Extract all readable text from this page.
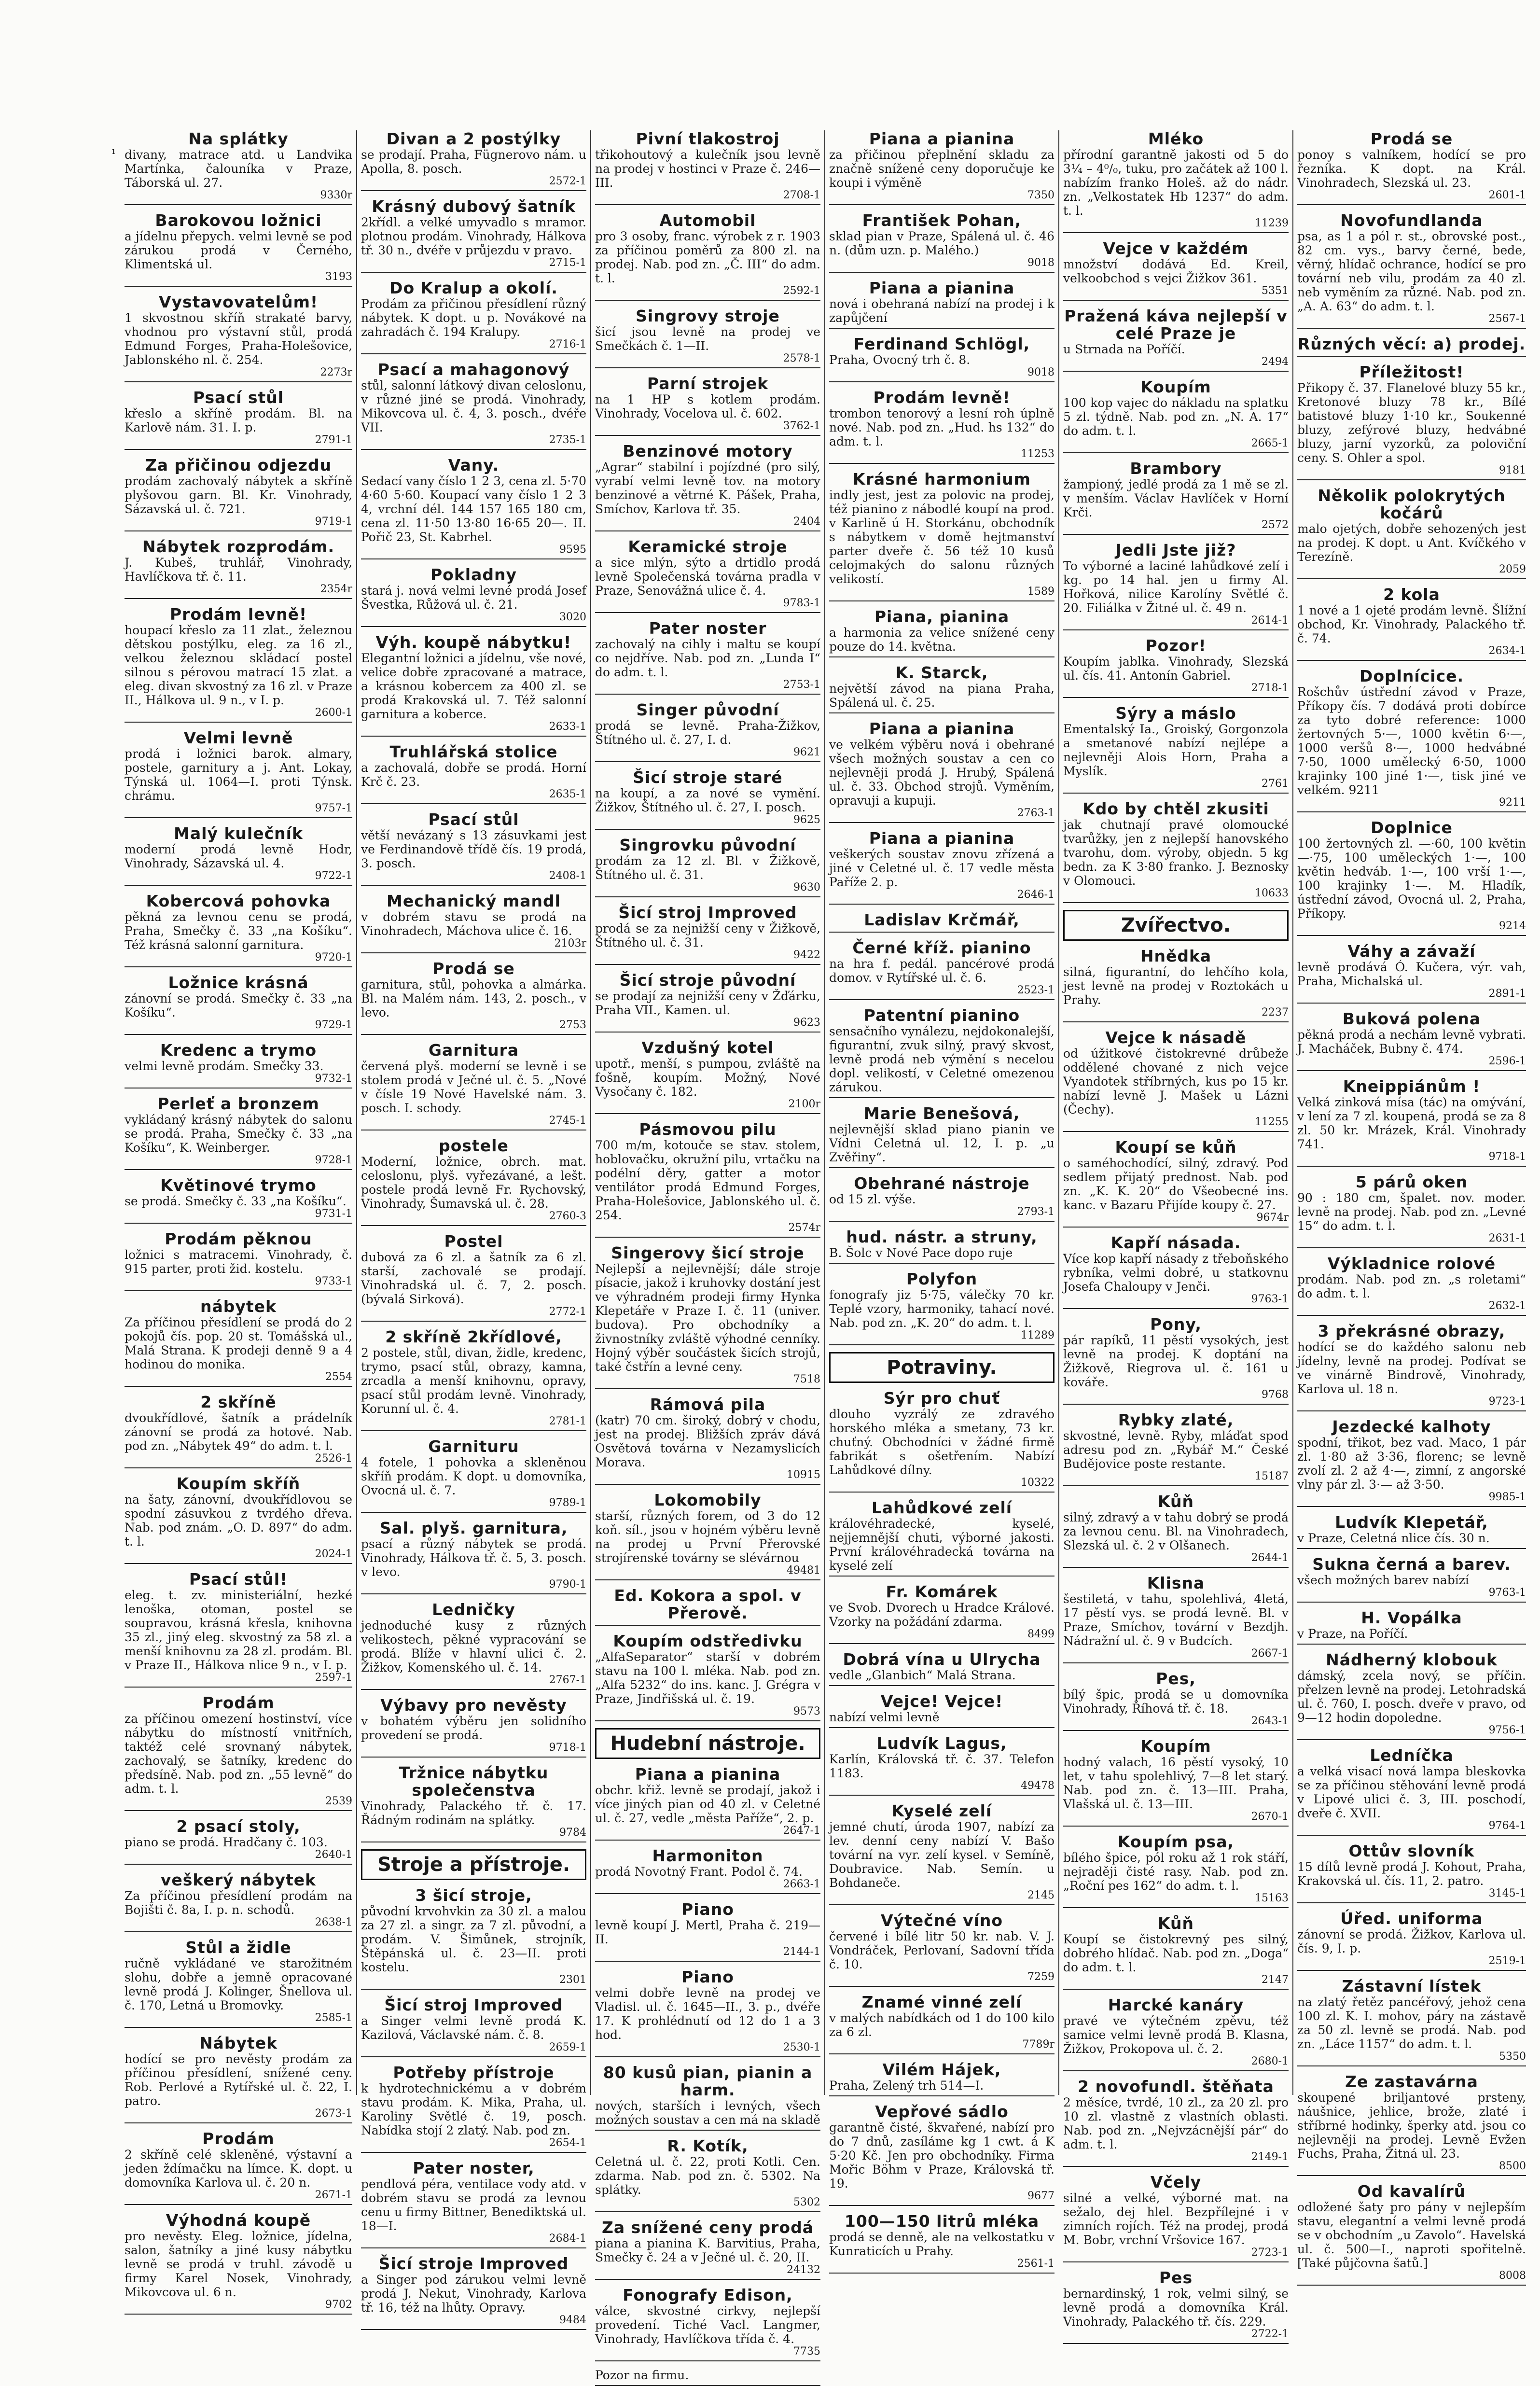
ı
Na splátky

divany, matrace atd. u Landvika Martínka, čalouníka v Praze, Táborská ul. 27.

9330r
Barokovou ložnici

a jídelnu přepych. velmi levně se pod zárukou prodá v Černého, Klimentská ul.

3193
Vystavovatelům!

1 skvostnou skříň strakaté barvy, vhodnou pro výstavní stůl, prodá Edmund Forges, Praha-Holešovice, Jablonského nl. č. 254.

2273r
Psací stůl

křeslo a skříně prodám. Bl. na Karlově nám. 31. I. p.

2791-1
Za přičinou odjezdu

prodám zachovalý nábytek a skříně plyšovou garn. Bl. Kr. Vinohrady, Sázavská ul. č. 721.

9719-1
Nábytek rozprodám.

J. Kubeš, truhlář, Vinohrady, Havlíčkova tř. č. 11.

2354r
Prodám levně!

houpací křeslo za 11 zlat., železnou dětskou postýlku, eleg. za 16 zl., velkou železnou skládací postel silnou s pérovou matrací 15 zlat. a eleg. divan skvostný za 16 zl. v Praze II., Hálkova ul. 9 n., v I. p.

2600-1
Velmi levně

prodá i ložnici barok. almary, postele, garnitury a j. Ant. Lokay, Týnská ul. 1064—I. proti Týnsk. chrámu.

9757-1
Malý kulečník

moderní prodá levně Hodr, Vinohrady, Sázavská ul. 4.

9722-1
Kobercová pohovka

pěkná za levnou cenu se prodá, Praha, Smečky č. 33 „na Košíku“. Též krásná salonní garnitura.

9720-1
Ložnice krásná

zánovní se prodá. Smečky č. 33 „na Košíku“.

9729-1
Kredenc a trymo

velmi levně prodám. Smečky 33.

9732-1
Perleť a bronzem

vykládaný krásný nábytek do salonu se prodá. Praha, Smečky č. 33 „na Košíku“, K. Weinberger.

9728-1
Květinové trymo

se prodá. Smečky č. 33 „na Košíku“.

9731-1
Prodám pěknou

ložnici s matracemi. Vinohrady, č. 915 parter, proti žid. kostelu.

9733-1
nábytek

Za příčinou přesídlení se prodá do 2 pokojů čís. pop. 20 st. Tomášská ul., Malá Strana. K prodeji denně 9 a 4 hodinou do monika.

2554
2 skříně

dvoukřídlové, šatník a prádelník zánovní se prodá za hotové. Nab. pod zn. „Nábytek 49“ do adm. t. l.

2526-1
Koupím skříň

na šaty, zánovní, dvoukřídlovou se spodní zásuvkou z tvrdého dřeva. Nab. pod znám. „O. D. 897“ do adm. t. l.

2024-1
Psací stůl!

eleg. t. zv. ministeriální, hezké lenoška, otoman, postel se soupravou, krásná křesla, knihovna 35 zl., jiný eleg. skvostný za 58 zl. a menší knihovnu za 28 zl. prodám. Bl. v Praze II., Hálkova nlice 9 n., v I. p.

2597-1
Prodám

za příčinou omezení hostinství, více nábytku do místností vnitřních, taktéž celé srovnaný nábytek, zachovalý, se šatníky, kredenc do předsíně. Nab. pod zn. „55 levně“ do adm. t. l.

2539
2 psací stoly,

piano se prodá. Hradčany č. 103.

2640-1
veškerý nábytek

Za příčinou přesídlení prodám na Bojišti č. 8a, I. p. n. schodů.

2638-1
Stůl a židle

ručně vykládané ve starožitném slohu, dobře a jemně opracované levně prodá J. Kolinger, Šnellova ul. č. 170, Letná u Bromovky.

2585-1
Nábytek

hodící se pro nevěsty prodám za příčinou přesídlení, snížené ceny. Rob. Perlové a Rytířské ul. č. 22, I. patro.

2673-1
Prodám

2 skříně celé skleněné, výstavní a jeden ždímačku na límce. K. dopt. u domovníka Karlova ul. č. 20 n.

2671-1
Výhodná koupě

pro nevěsty. Eleg. ložnice, jídelna, salon, šatníky a jiné kusy nábytku levně se prodá v truhl. závodě u firmy Karel Nosek, Vinohrady, Mikovcova ul. 6 n.

9702
Divan a 2 postýlky

se prodají. Praha, Fügnerovo nám. u Apolla, 8. posch.

2572-1
Krásný dubový šatník

2křídl. a velké umyvadlo s mramor. plotnou prodám. Vinohrady, Hálkova tř. 30 n., dvéře v průjezdu v pravo.

2715-1
Do Kralup a okolí.

Prodám za přičinou přesídlení různý nábytek. K dopt. u p. Novákové na zahradách č. 194 Kralupy.

2716-1
Psací a mahagonový

stůl, salonní látkový divan celoslonu, v různé jiné se prodá. Vinohrady, Mikovcova ul. č. 4, 3. posch., dvéře VII.

2735-1
Vany.

Sedací vany číslo 1 2 3, cena zl. 5·70 4·60 5·60. Koupací vany číslo 1 2 3 4, vrchní dél. 144 157 165 180 cm, cena zl. 11·50 13·80 16·65 20—. II. Pořič 23, St. Kabrhel.

9595
Pokladny

stará j. nová velmi levné prodá Josef Švestka, Růžová ul. č. 21.

3020
Výh. koupě nábytku!

Elegantní ložnici a jídelnu, vše nové, velice dobře zpracované a matrace, a krásnou kobercem za 400 zl. se prodá Krakovská ul. 7. Též salonní garnitura a koberce.

2633-1
Truhlářská stolice

a zachovalá, dobře se prodá. Horní Krč č. 23.

2635-1
Psací stůl

větší nevázaný s 13 zásuvkami jest ve Ferdinandově třídě čís. 19 prodá, 3. posch.

2408-1
Mechanický mandl

v dobrém stavu se prodá na Vinohradech, Máchova ulice č. 16.

2103r
Prodá se

garnitura, stůl, pohovka a almárka. Bl. na Malém nám. 143, 2. posch., v levo.

2753
Garnitura

červená plyš. moderní se levně i se stolem prodá v Ječné ul. č. 5. „Nové v čísle 19 Nové Havelské nám. 3. posch. I. schody.

2745-1
postele

Moderní, ložnice, obrch. mat. celoslonu, plyš. vyřezávané, a lešt. postele prodá levně Fr. Rychovský, Vinohrady, Šumavská ul. č. 28.

2760-3
Postel

dubová za 6 zl. a šatník za 6 zl. starší, zachovalé se prodají. Vinohradská ul. č. 7, 2. posch. (bývalá Sirková).

2772-1
2 skříně 2křídlové,

2 postele, stůl, divan, židle, kredenc, trymo, psací stůl, obrazy, kamna, zrcadla a menší knihovnu, opravy, psací stůl prodám levně. Vinohrady, Korunní ul. č. 4.

2781-1
Garnituru

4 fotele, 1 pohovka a skleněnou skříň prodám. K dopt. u domovníka, Ovocná ul. č. 7.

9789-1
Sal. plyš. garnitura,

psací a různý nábytek se prodá. Vinohrady, Hálkova tř. č. 5, 3. posch. v levo.

9790-1
Ledničky

jednoduché kusy z různých velikostech, pěkné vypracování se prodá. Blíže v hlavní ulici č. 2. Žižkov, Komenského ul. č. 14.

2767-1
Výbavy pro nevěsty

v bohatém výběru jen solidního provedení se prodá.

9718-1
Tržnice nábytku společenstva

Vinohrady, Palackého tř. č. 17. Řádným rodinám na splátky.

9784
Stroje a přístroje.
3 šicí stroje,

původní krvohvkin za 30 zl. a malou za 27 zl. a singr. za 7 zl. původní, a prodám. V. Šimůnek, strojník, Štěpánská ul. č. 23—II. proti kostelu.

2301
Šicí stroj Improved

a Singer velmi levně prodá K. Kazilová, Václavské nám. č. 8.

2659-1
Potřeby přístroje

k hydrotechnickému a v dobrém stavu prodám. K. Mika, Praha, ul. Karoliny Světlé č. 19, posch. Nabídka stojí 2 zlatý. Nab. pod zn.

2654-1
Pater noster,

pendlová péra, ventilace vody atd. v dobrém stavu se prodá za levnou cenu u firmy Bittner, Benediktská ul. 18—I.

2684-1
Šicí stroje Improved

a Singer pod zárukou velmi levně prodá J. Nekut, Vinohrady, Karlova tř. 16, též na lhůty. Opravy.

9484
Pivní tlakostroj

třikohoutový a kulečník jsou levně na prodej v hostinci v Praze č. 246—III.

2708-1
Automobil

pro 3 osoby, franc. výrobek z r. 1903 za příčinou poměrů za 800 zl. na prodej. Nab. pod zn. „Č. III“ do adm. t. l.

2592-1
Singrovy stroje

šicí jsou levně na prodej ve Smečkách č. 1—II.

2578-1
Parní strojek

na 1 HP s kotlem prodám. Vinohrady, Vocelova ul. č. 602.

3762-1
Benzinové motory

„Agrar“ stabilní i pojízdné (pro silý, vyrabí velmi levně tov. na motory benzinové a větrné K. Pášek, Praha, Smíchov, Karlova tř. 35.

2404
Keramické stroje

a sice mlýn, sýto a drtidlo prodá levně Společenská továrna pradla v Praze, Senovážná ulice č. 4.

9783-1
Pater noster

zachovalý na cihly i maltu se koupí co nejdříve. Nab. pod zn. „Lunda I“ do adm. t. l.

2753-1
Singer původní

prodá se levně. Praha-Žižkov, Štítného ul. č. 27, I. d.

9621
Šicí stroje staré

na koupí, a za nové se vymění. Žižkov, Štítného ul. č. 27, I. posch.

9625
Singrovku původní

prodám za 12 zl. Bl. v Žižkově, Štítného ul. č. 31.

9630
Šicí stroj Improved

prodá se za nejnižší ceny v Žižkově, Štítného ul. č. 31.

9422
Šicí stroje původní

se prodají za nejnižší ceny v Žďárku, Praha VII., Kamen. ul.

9623
Vzdušný kotel

upotř., menší, s pumpou, zvláště na fošně, koupím. Možný, Nové Vysočany č. 182.

2100r
Pásmovou pilu

700 m/m, kotouče se stav. stolem, hoblovačku, okružní pilu, vrtačku na podélní děry, gatter a motor ventilátor prodá Edmund Forges, Praha-Holešovice, Jablonského ul. č. 254.

2574r
Singerovy šicí stroje

Nejlepší a nejlevnější; dále stroje písacie, jakož i kruhovky dostání jest ve výhradném prodeji firmy Hynka Klepetáře v Praze I. č. 11 (univer. budova). Pro obchodníky a živnostníky zvláště výhodné cenníky. Hojný výběr součástek šicích strojů, také čstřín a levné ceny.

7518
Rámová pila

(katr) 70 cm. široký, dobrý v chodu, jest na prodej. Bližších zpráv dává Osvětová továrna v Nezamyslicích Morava.

10915
Lokomobily

starší, různých forem, od 3 do 12 koň. síl., jsou v hojném výběru levně na prodej u První Přerovské strojírenské továrny se slévárnou

49481
Ed. Kokora a spol. v Přerově.
Koupím odstředivku

„AlfaSeparator“ starší v dobrém stavu na 100 l. mléka. Nab. pod zn. „Alfa 5232“ do ins. kanc. J. Grégra v Praze, Jindřišská ul. č. 19.

9573
Hudební nástroje.
Piana a pianina

obchr. křiž. levně se prodají, jakož i více jiných pian od 40 zl. v Celetné ul. č. 27, vedle „města Paříže“, 2. p.

2647-1
Harmoniton

prodá Novotný Frant. Podol č. 74.

2663-1
Piano

levně koupí J. Mertl, Praha č. 219—II.

2144-1
Piano

velmi dobře levně na prodej ve Vladisl. ul. č. 1645—II., 3. p., dvéře 17. K prohlédnutí od 12 do 1 a 3 hod.

2530-1
80 kusů pian, pianin a harm.

nových, starších i levných, všech možných soustav a cen má na skladě

R. Kotík,

Celetná ul. č. 22, proti Kotli. Cen. zdarma. Nab. pod zn. č. 5302. Na splátky.

5302
Za snížené ceny prodá

piana a pianina K. Barvitius, Praha, Smečky č. 24 a v Ječné ul. č. 20, II.

24132
Fonografy Edison,

válce, skvostné cirkvy, nejlepší provedení. Tiché Vacl. Langmer, Vinohrady, Havlíčkova třída č. 4.

7735

Pozor na firmu.

Piana a pianina

za přičinou přeplnění skladu za značně snížené ceny doporučuje ke koupi i výměně

7350
František Pohan,

sklad pian v Praze, Spálená ul. č. 46 n. (dům uzn. p. Malého.)

9018
Piana a pianina

nová i obehraná nabízí na prodej i k zapůjčení

Ferdinand Schlögl,

Praha, Ovocný trh č. 8.

9018
Prodám levně!

trombon tenorový a lesní roh úplně nové. Nab. pod zn. „Hud. hs 132“ do adm. t. l.

11253
Krásné harmonium

indly jest, jest za polovic na prodej, též pianino z nábodlé koupí na prod. v Karlině ú H. Storkánu, obchodník s nábytkem v domě hejtmanství parter dveře č. 56 též 10 kusů celojmakých do salonu různých velikostí.

1589
Piana, pianina

a harmonia za velice snížené ceny pouze do 14. května.

K. Starck,

největší závod na piana Praha, Spálená ul. č. 25.

Piana a pianina

ve velkém výběru nová i obehrané všech možných soustav a cen co nejlevněji prodá J. Hrubý, Spálená ul. č. 33. Obchod strojů. Vyměním, opravuji a kupuji.

2763-1
Piana a pianina

veškerých soustav znovu zřízená a jiné v Celetné ul. č. 17 vedle města Paříže 2. p.

2646-1
Ladislav Krčmář,
Černé kříž. pianino

na hra f. pedál. pancérové prodá domov. v Rytířské ul. č. 6.

2523-1
Patentní pianino

sensačního vynálezu, nejdokonalejší, figurantní, zvuk silný, pravý skvost, levně prodá neb výmění s necelou dopl. velikostí, v Celetné omezenou zárukou.

Marie Benešová,

nejlevnější sklad piano pianin ve Vídni Celetná ul. 12, I. p. „u Zvěřiny“.

Obehrané nástroje

od 15 zl. výše.

2793-1
hud. nástr. a struny,

B. Šolc v Nové Pace dopo ruje

Polyfon

fonografy jiz 5·75, válečky 70 kr. Teplé vzory, harmoniky, tahací nové. Nab. pod zn. „K. 20“ do adm. t. l.

11289
Potraviny.
Sýr pro chuť

dlouho vyzrálý ze zdravého horského mléka a smetany, 73 kr. chuťný. Obchodníci v žádné firmě fabrikát s ošetřením. Nabízí Lahůdkové dílny.

10322
Lahůdkové zelí

královéhradecké, kyselé, nejjemnější chuti, výborné jakosti. První královéhradecká továrna na kyselé zelí

Fr. Komárek

ve Svob. Dvorech u Hradce Králové. Vzorky na požádání zdarma.

8499
Dobrá vína u Ulrycha

vedle „Glanbich“ Malá Strana.

Vejce! Vejce!

nabízí velmi levně

Ludvík Lagus,

Karlín, Královská tř. č. 37. Telefon 1183.

49478
Kyselé zelí

jemné chutí, úroda 1907, nabízí za lev. denní ceny nabízí V. Bašo tovární na vyr. zelí kysel. v Semíně, Doubravice. Nab. Semín. u Bohdaneče.

2145
Výtečné víno

červené i bílé litr 50 kr. nab. V. J. Vondráček, Perlovaní, Sadovní třída č. 10.

7259
Znamé vinné zelí

v malých nabídkách od 1 do 100 kilo za 6 zl.

7789r
Vilém Hájek,

Praha, Zelený trh 514—I.

Vepřové sádlo

garantně čisté, škvařené, nabízí pro do 7 dnů, zasíláme kg 1 cwt. á K 5·20 Kč. Jen pro obchodníky. Firma Mořic Böhm v Praze, Královská tř. 19.

9677
100—150 litrů mléka

prodá se denně, ale na velkostatku v Kunraticích u Prahy.

2561-1
Mléko

přírodní garantně jakosti od 5 do 3¼ – 4⁰/₀, tuku, pro začátek až 100 l. nabízím franko Holeš. až do nádr. zn. „Velkostatek Hb 1237“ do adm. t. l.

11239
Vejce v každém

množství dodává Ed. Kreil, velkoobchod s vejci Žižkov 361.

5351
Pražená káva nejlepší v celé Praze je

u Strnada na Poříčí.

2494
Koupím

100 kop vajec do nákladu na splatku 5 zl. týdně. Nab. pod zn. „N. A. 17“ do adm. t. l.

2665-1
Brambory

žampioný, jedlé prodá za 1 mě se zl. v menším. Václav Havlíček v Horní Krči.

2572
Jedli Jste již?

To výborné a laciné lahůdkové zelí i kg. po 14 hal. jen u firmy Al. Hořková, nilice Karolíny Světlé č. 20. Filiálka v Žitné ul. č. 49 n.

2614-1
Pozor!

Koupím jablka. Vinohrady, Slezská ul. čís. 41. Antonín Gabriel.

2718-1
Sýry a máslo

Ementalský Ia., Groiský, Gorgonzola a smetanové nabízí nejlépe a nejlevněji Alois Horn, Praha a Myslík.

2761
Kdo by chtěl zkusiti

jak chutnají pravé olomoucké tvarůžky, jen z nejlepší hanovského tvarohu, dom. výroby, objedn. 5 kg bedn. za K 3·80 franko. J. Beznosky v Olomouci.

10633
Zvířectvo.
Hnědka

silná, figurantní, do lehčího kola, jest levně na prodej v Roztokách u Prahy.

2237
Vejce k násadě

od úžitkové čistokrevné drůbeže oddělené chované z nich vejce Vyandotek stříbrných, kus po 15 kr. nabízí levně J. Mašek u Lázni (Čechy).

11255
Koupí se kůň

o saméhochodící, silný, zdravý. Pod sedlem přijatý prednost. Nab. pod zn. „K. K. 20“ do Všeobecné ins. kanc. v Bazaru Přijíde koupy č. 27.

9674r
Kapří násada.

Více kop kapří násady z třeboňského rybníka, velmi dobré, u statkovnu Josefa Chaloupy v Jenči.

9763-1
Pony,

pár rapíků, 11 pěstí vysokých, jest levně na prodej. K doptání na Žižkově, Riegrova ul. č. 161 u kováře.

9768
Rybky zlaté,

skvostné, levně. Ryby, mláďat spod adresu pod zn. „Rybář M.“ České Budějovice poste restante.

15187
Kůň

silný, zdravý a v tahu dobrý se prodá za levnou cenu. Bl. na Vinohradech, Slezská ul. č. 2 v Olšanech.

2644-1
Klisna

šestiletá, v tahu, spolehlivá, 4letá, 17 pěstí vys. se prodá levně. Bl. v Praze, Smíchov, tovární v Bezdjh. Nádražní ul. č. 9 v Budcích.

2667-1
Pes,

bílý špic, prodá se u domovníka Vinohrady, Říhová tř. č. 18.

2643-1
Koupím

hodný valach, 16 pěstí vysoký, 10 let, v tahu spolehlivý, 7—8 let starý. Nab. pod zn. č. 13—III. Praha, Vlašská ul. č. 13—III.

2670-1
Koupím psa,

bílého špice, pól roku až 1 rok stáří, nejraději čisté rasy. Nab. pod zn. „Roční pes 162“ do adm. t. l.

15163
Kůň

Koupí se čistokrevný pes silný, dobrého hlídač. Nab. pod zn. „Doga“ do adm. t. l.

2147
Harcké kanáry

pravé ve výtečném zpěvu, též samice velmi levně prodá B. Klasna, Žižkov, Prokopova ul. č. 2.

2680-1
2 novofundl. štěňata

2 měsíce, tvrdé, 10 zl., za 20 zl. pro 10 zl. vlastně z vlastních oblasti. Nab. pod zn. „Nejvzácnější pár“ do adm. t. l.

2149-1
Včely

silné a velké, výborné mat. na sežalo, dej hlel. Bezpřílejné i v zimních rojích. Též na prodej, prodá M. Bobr, vrchní Vršovice 167.

2723-1
Pes

bernardinský, 1 rok, velmi silný, se levně prodá a domovníka Král. Vinohrady, Palackého tř. čís. 229.

2722-1
Prodá se

ponoy s valníkem, hodící se pro řezníka. K dopt. na Král. Vinohradech, Slezská ul. 23.

2601-1
Novofundlanda

psa, as 1 a pól r. st., obrovské post., 82 cm. vys., barvy černé, bede, věrný, hlídač ochrance, hodící se pro tovární neb vilu, prodám za 40 zl. neb vyměním za různé. Nab. pod zn. „A. A. 63“ do adm. t. l.

2567-1
Různých věcí: a) prodej.
Příležitost!

Přikopy č. 37. Flanelové bluzy 55 kr., Kretonové bluzy 78 kr., Bílé batistové bluzy 1·10 kr., Soukenné bluzy, zefýrové bluzy, hedvábné bluzy, jarní vyzorků, za poloviční ceny. S. Ohler a spol.

9181
Několik polokrytých kočárů

malo ojetých, dobře sehozených jest na prodej. K dopt. u Ant. Kvíčkého v Terezíně.

2059
2 kola

1 nové a 1 ojeté prodám levně. Šlížní obchod, Kr. Vinohrady, Palackého tř. č. 74.

2634-1
Doplnícice.

Rošchův ústřední závod v Praze, Příkopy čís. 7 dodává proti dobírce za tyto dobré reference: 1000 žertovných 5·—, 1000 květin 6·—, 1000 veršů 8·—, 1000 hedvábné 7·50, 1000 umělecký 6·50, 1000 krajinky 100 jiné 1·—, tisk jiné ve velkém. 9211

9211
Doplnice

100 žertovných zl. —·60, 100 květin —·75, 100 uměleckých 1·—, 100 květin hedváb. 1·—, 100 vrší 1·—, 100 krajinky 1·—. M. Hladík, ústřední závod, Ovocná ul. 2, Praha, Příkopy.

9214
Váhy a závaží

levně prodává Ó. Kučera, výr. vah, Praha, Michalská ul.

2891-1
Buková polena

pěkná prodá a nechám levně vybrati. J. Macháček, Bubny č. 474.

2596-1
Kneippiánům !

Velká zinková mísa (tác) na omývání, v lení za 7 zl. koupená, prodá se za 8 zl. 50 kr. Mrázek, Král. Vinohrady 741.

9718-1
5 párů oken

90 : 180 cm, špalet. nov. moder. levně na prodej. Nab. pod zn. „Levné 15“ do adm. t. l.

2631-1
Výkladnice rolové

prodám. Nab. pod zn. „s roletami“ do adm. t. l.

2632-1
3 překrásné obrazy,

hodící se do každého salonu neb jídelny, levně na prodej. Podívat se ve vinárně Bindrově, Vinohrady, Karlova ul. 18 n.

9723-1
Jezdecké kalhoty

spodní, třikot, bez vad. Maco, 1 pár zl. 1·80 až 3·36, florenc; se levně zvolí zl. 2 až 4·—, zimní, z angorské vlny pár zl. 3·— až 3·50.

9985-1
Ludvík Klepetář,

v Praze, Celetná nlice čís. 30 n.

Sukna černá a barev.

všech možných barev nabízí

9763-1
H. Vopálka

v Praze, na Poříčí.

Nádherný klobouk

dámský, zcela nový, se příčin. přelzen levně na prodej. Letohradská ul. č. 760, I. posch. dveře v pravo, od 9—12 hodin dopoledne.

9756-1
Ledníčka

a velká visací nová lampa bleskovka se za příčinou stěhování levně prodá v Lipové ulici č. 3, III. poschodí, dveře č. XVII.

9764-1
Ottův slovník

15 dílů levně prodá J. Kohout, Praha, Krakovská ul. čís. 11, 2. patro.

3145-1
Úřed. uniforma

zánovní se prodá. Žižkov, Karlova ul. čís. 9, I. p.

2519-1
Zástavní lístek

na zlatý řetěz pancéřový, jehož cena 100 zl. K. I. mohov, páry na zástavě za 50 zl. levně se prodá. Nab. pod zn. „Láce 1157“ do adm. t. l.

5350
Ze zastavárna

skoupené briljantové prsteny, náušnice, jehlice, brože, zlaté i stříbrné hodinky, šperky atd. jsou co nejlevněji na prodej. Levně Evžen Fuchs, Praha, Žitná ul. 23.

8500
Od kavalírů

odložené šaty pro pány v nejlepším stavu, elegantní a velmi levně prodá se v obchodním „u Zavolo“. Havelská ul. č. 500—I., naproti spořitelně. [Také půjčovna šatů.]

8008
